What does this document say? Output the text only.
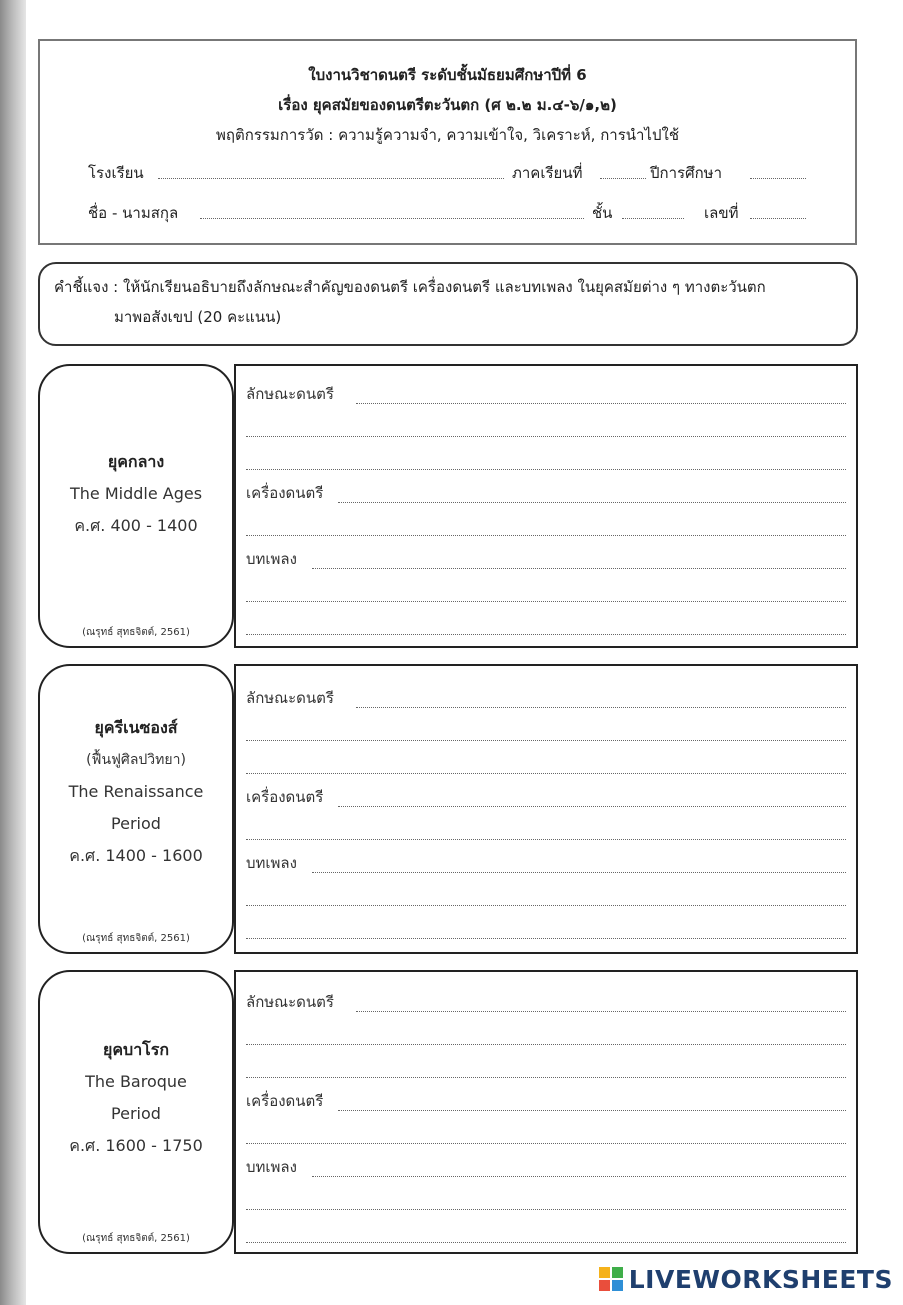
ใบงานวิชาดนตรี ระดับชั้นมัธยมศึกษาปีที่ 6
เรื่อง ยุคสมัยของดนตรีตะวันตก (ศ ๒.๒ ม.๔-๖/๑,๒)
พฤติกรรมการวัด : ความรู้ความจำ, ความเข้าใจ, วิเคราะห์, การนำไปใช้
โรงเรียน	ภาคเรียนที่	ปีการศึกษา
ชื่อ - นามสกุล	ชั้น	เลขที่
คำชี้แจง : ให้นักเรียนอธิบายถึงลักษณะสำคัญของดนตรี เครื่องดนตรี และบทเพลง ในยุคสมัยต่าง ๆ ทางตะวันตก
มาพอสังเขป (20 คะแนน)
ยุคกลาง
The Middle Ages
ค.ศ. 400 - 1400
(ณรุทธ์ สุทธจิตต์, 2561)
ลักษณะดนตรี
เครื่องดนตรี
บทเพลง
ยุครีเนซองส์
(ฟื้นฟูศิลปวิทยา)
The Renaissance
Period
ค.ศ. 1400 - 1600
(ณรุทธ์ สุทธจิตต์, 2561)
ลักษณะดนตรี
เครื่องดนตรี
บทเพลง
ยุคบาโรก
The Baroque
Period
ค.ศ. 1600 - 1750
(ณรุทธ์ สุทธจิตต์, 2561)
ลักษณะดนตรี
เครื่องดนตรี
บทเพลง
LIVEWORKSHEETS
